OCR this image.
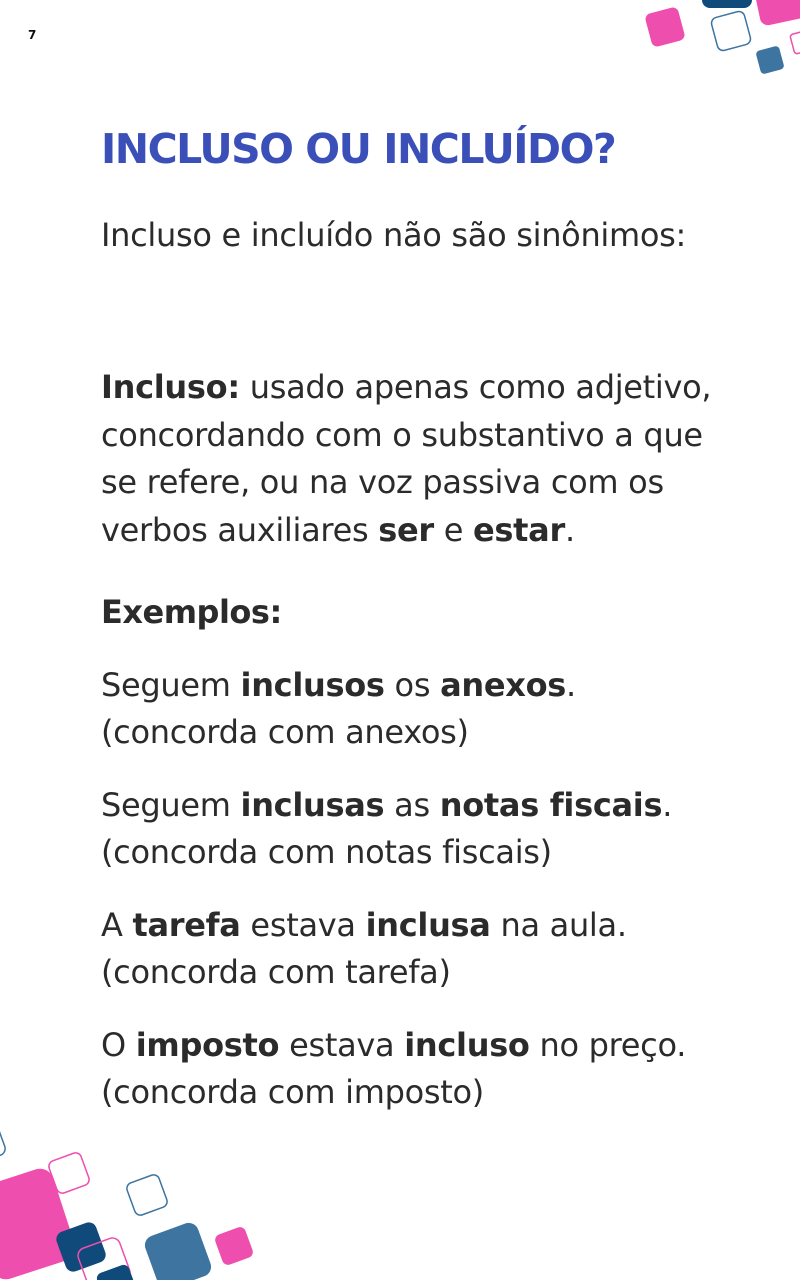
7
INCLUSO OU INCLUÍDO?

Incluso e incluído não são sinônimos:

Incluso: usado apenas como adjetivo, concordando com o substantivo a que se refere, ou na voz passiva com os verbos auxiliares ser e estar.

Exemplos:

Seguem inclusos os anexos. (concorda com anexos)

Seguem inclusas as notas fiscais.
(concorda com notas fiscais)

A tarefa estava inclusa na aula.
(concorda com tarefa)

O imposto estava incluso no preço.
(concorda com imposto)
